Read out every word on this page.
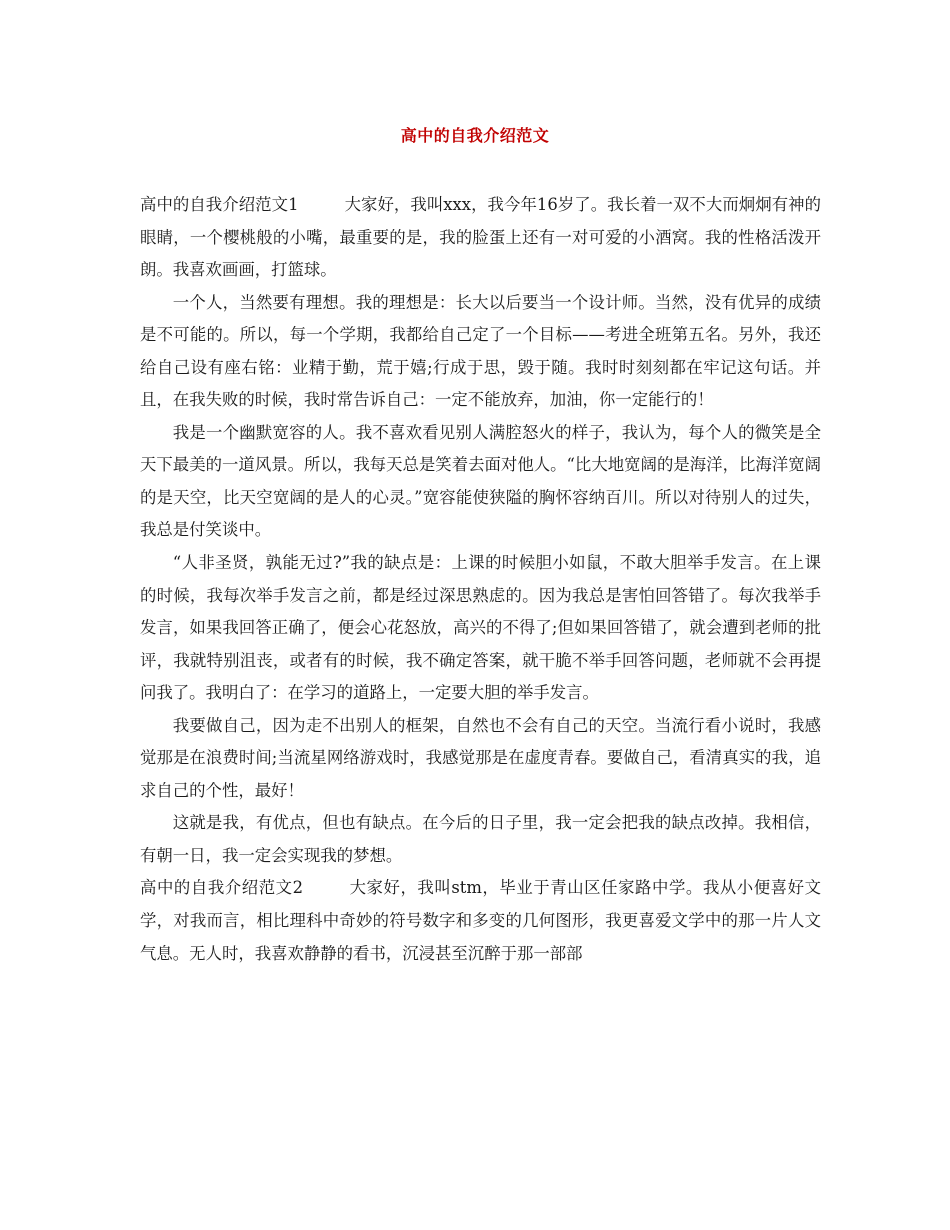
高中的自我介绍范文

高中的自我介绍范文1	大家好，我叫xxx，我今年16岁了。我长着一双不大而炯炯有神的眼睛，一个樱桃般的小嘴，最重要的是，我的脸蛋上还有一对可爱的小酒窝。我的性格活泼开朗。我喜欢画画，打篮球。

一个人，当然要有理想。我的理想是：长大以后要当一个设计师。当然，没有优异的成绩是不可能的。所以，每一个学期，我都给自己定了一个目标——考进全班第五名。另外，我还给自己设有座右铭：业精于勤，荒于嬉;行成于思，毁于随。我时时刻刻都在牢记这句话。并且，在我失败的时候，我时常告诉自己：一定不能放弃，加油，你一定能行的！

我是一个幽默宽容的人。我不喜欢看见别人满腔怒火的样子，我认为，每个人的微笑是全天下最美的一道风景。所以，我每天总是笑着去面对他人。“比大地宽阔的是海洋，比海洋宽阔的是天空，比天空宽阔的是人的心灵。”宽容能使狭隘的胸怀容纳百川。所以对待别人的过失，我总是付笑谈中。

“人非圣贤，孰能无过?”我的缺点是：上课的时候胆小如鼠，不敢大胆举手发言。在上课的时候，我每次举手发言之前，都是经过深思熟虑的。因为我总是害怕回答错了。每次我举手发言，如果我回答正确了，便会心花怒放，高兴的不得了;但如果回答错了，就会遭到老师的批评，我就特别沮丧，或者有的时候，我不确定答案，就干脆不举手回答问题，老师就不会再提问我了。我明白了：在学习的道路上，一定要大胆的举手发言。

我要做自己，因为走不出别人的框架，自然也不会有自己的天空。当流行看小说时，我感觉那是在浪费时间;当流星网络游戏时，我感觉那是在虚度青春。要做自己，看清真实的我，追求自己的个性，最好！

这就是我，有优点，但也有缺点。在今后的日子里，我一定会把我的缺点改掉。我相信，有朝一日，我一定会实现我的梦想。

高中的自我介绍范文2	大家好，我叫stm，毕业于青山区任家路中学。我从小便喜好文学，对我而言，相比理科中奇妙的符号数字和多变的几何图形，我更喜爱文学中的那一片人文气息。无人时，我喜欢静静的看书，沉浸甚至沉醉于那一部部
